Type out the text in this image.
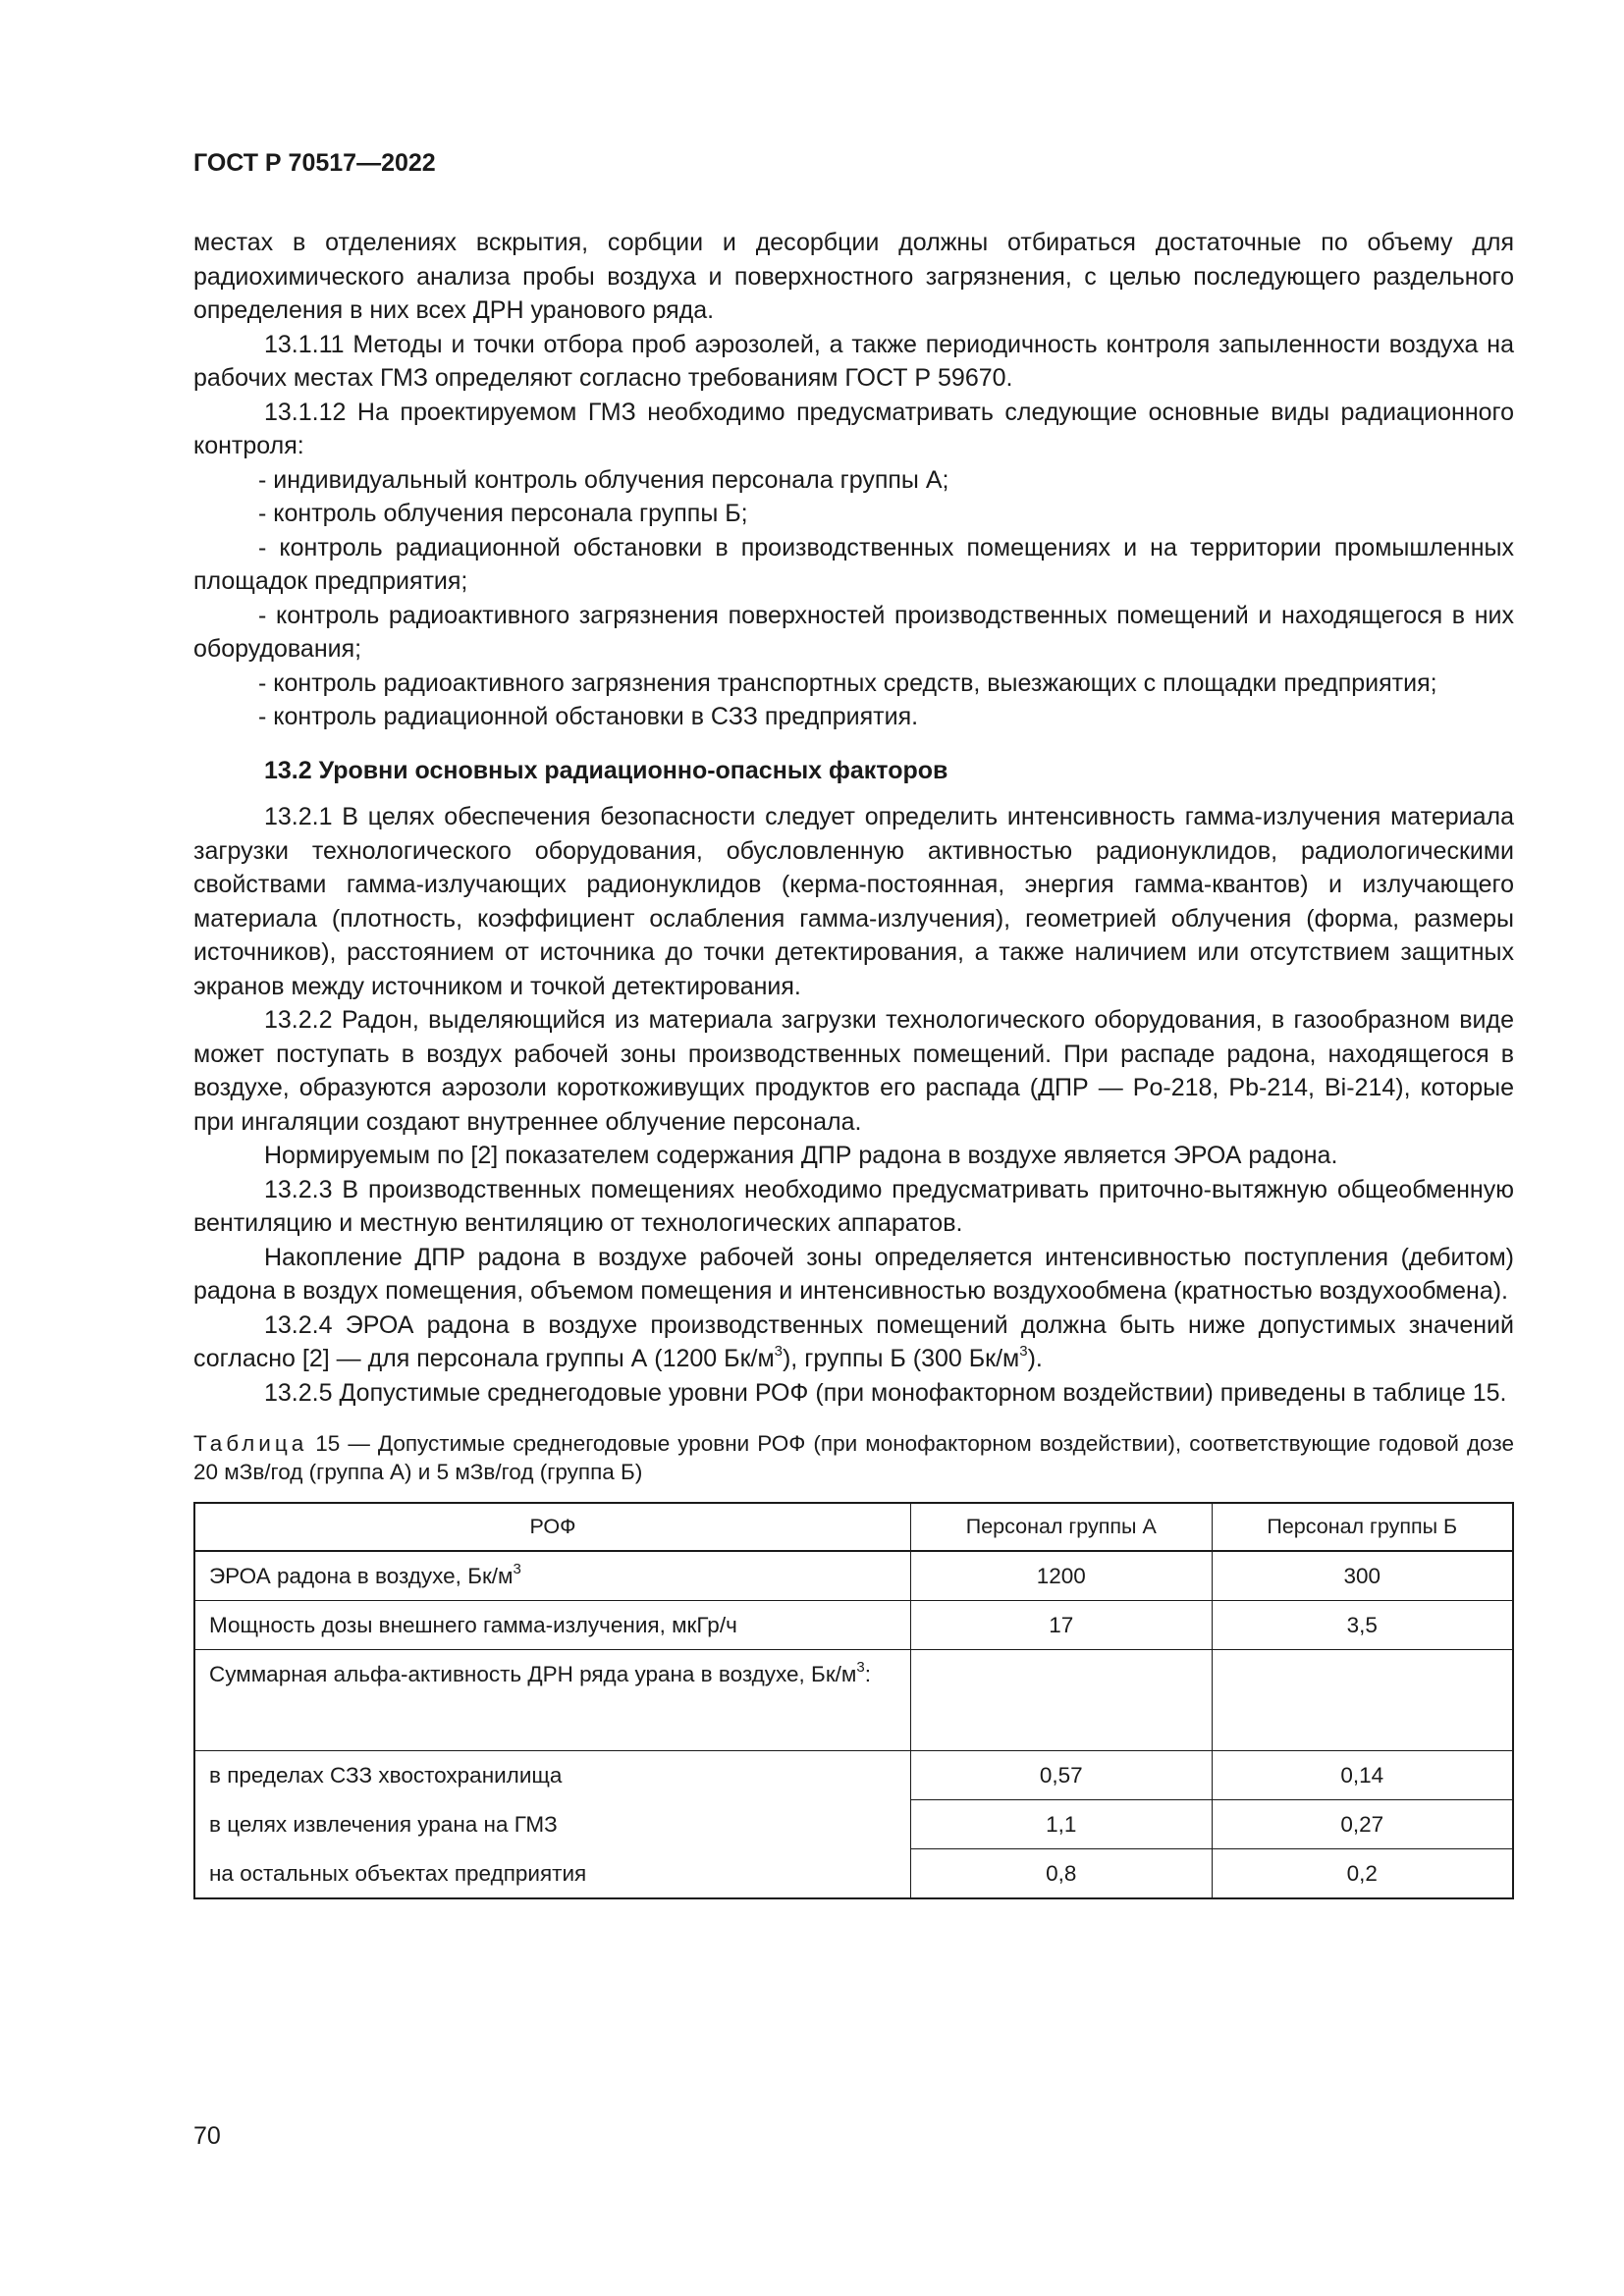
ГОСТ Р 70517—2022

местах в отделениях вскрытия, сорбции и десорбции должны отбираться достаточные по объему для радиохимического анализа пробы воздуха и поверхностного загрязнения, с целью последующего раздельного определения в них всех ДРН уранового ряда.

13.1.11 Методы и точки отбора проб аэрозолей, а также периодичность контроля запыленности воздуха на рабочих местах ГМЗ определяют согласно требованиям ГОСТ Р 59670.

13.1.12 На проектируемом ГМЗ необходимо предусматривать следующие основные виды радиационного контроля:

- индивидуальный контроль облучения персонала группы А;

- контроль облучения персонала группы Б;

- контроль радиационной обстановки в производственных помещениях и на территории промышленных площадок предприятия;

- контроль радиоактивного загрязнения поверхностей производственных помещений и находящегося в них оборудования;

- контроль радиоактивного загрязнения транспортных средств, выезжающих с площадки предприятия;

- контроль радиационной обстановки в СЗЗ предприятия.

13.2 Уровни основных радиационно-опасных факторов

13.2.1 В целях обеспечения безопасности следует определить интенсивность гамма-излучения материала загрузки технологического оборудования, обусловленную активностью радионуклидов, радиологическими свойствами гамма-излучающих радионуклидов (керма-постоянная, энергия гамма-квантов) и излучающего материала (плотность, коэффициент ослабления гамма-излучения), геометрией облучения (форма, размеры источников), расстоянием от источника до точки детектирования, а также наличием или отсутствием защитных экранов между источником и точкой детектирования.

13.2.2 Радон, выделяющийся из материала загрузки технологического оборудования, в газообразном виде может поступать в воздух рабочей зоны производственных помещений. При распаде радона, находящегося в воздухе, образуются аэрозоли короткоживущих продуктов его распада (ДПР — Po-218, Pb-214, Bi-214), которые при ингаляции создают внутреннее облучение персонала.

Нормируемым по [2] показателем содержания ДПР радона в воздухе является ЭРОА радона.

13.2.3 В производственных помещениях необходимо предусматривать приточно-вытяжную общеобменную вентиляцию и местную вентиляцию от технологических аппаратов.

Накопление ДПР радона в воздухе рабочей зоны определяется интенсивностью поступления (дебитом) радона в воздух помещения, объемом помещения и интенсивностью воздухообмена (кратностью воздухообмена).

13.2.4 ЭРОА радона в воздухе производственных помещений должна быть ниже допустимых значений согласно [2] — для персонала группы А (1200 $Бк/м^3$), группы Б (300 $Бк/м^3$).

13.2.5 Допустимые среднегодовые уровни РОФ (при монофакторном воздействии) приведены в таблице 15.

Таблица 15 — Допустимые среднегодовые уровни РОФ (при монофакторном воздействии), соответствующие годовой дозе 20 мЗв/год (группа А) и 5 мЗв/год (группа Б)

РОФ	Персонал группы А	Персонал группы Б
ЭРОА радона в воздухе, $Бк/м^3$	1200	300
Мощность дозы внешнего гамма-излучения, мкГр/ч	17	3,5
Суммарная альфа-активность ДРН ряда урана в воздухе, $Бк/м^3$:		
в пределах СЗЗ хвостохранилища	0,57	0,14
в целях извлечения урана на ГМЗ	1,1	0,27
на остальных объектах предприятия	0,8	0,2
70
